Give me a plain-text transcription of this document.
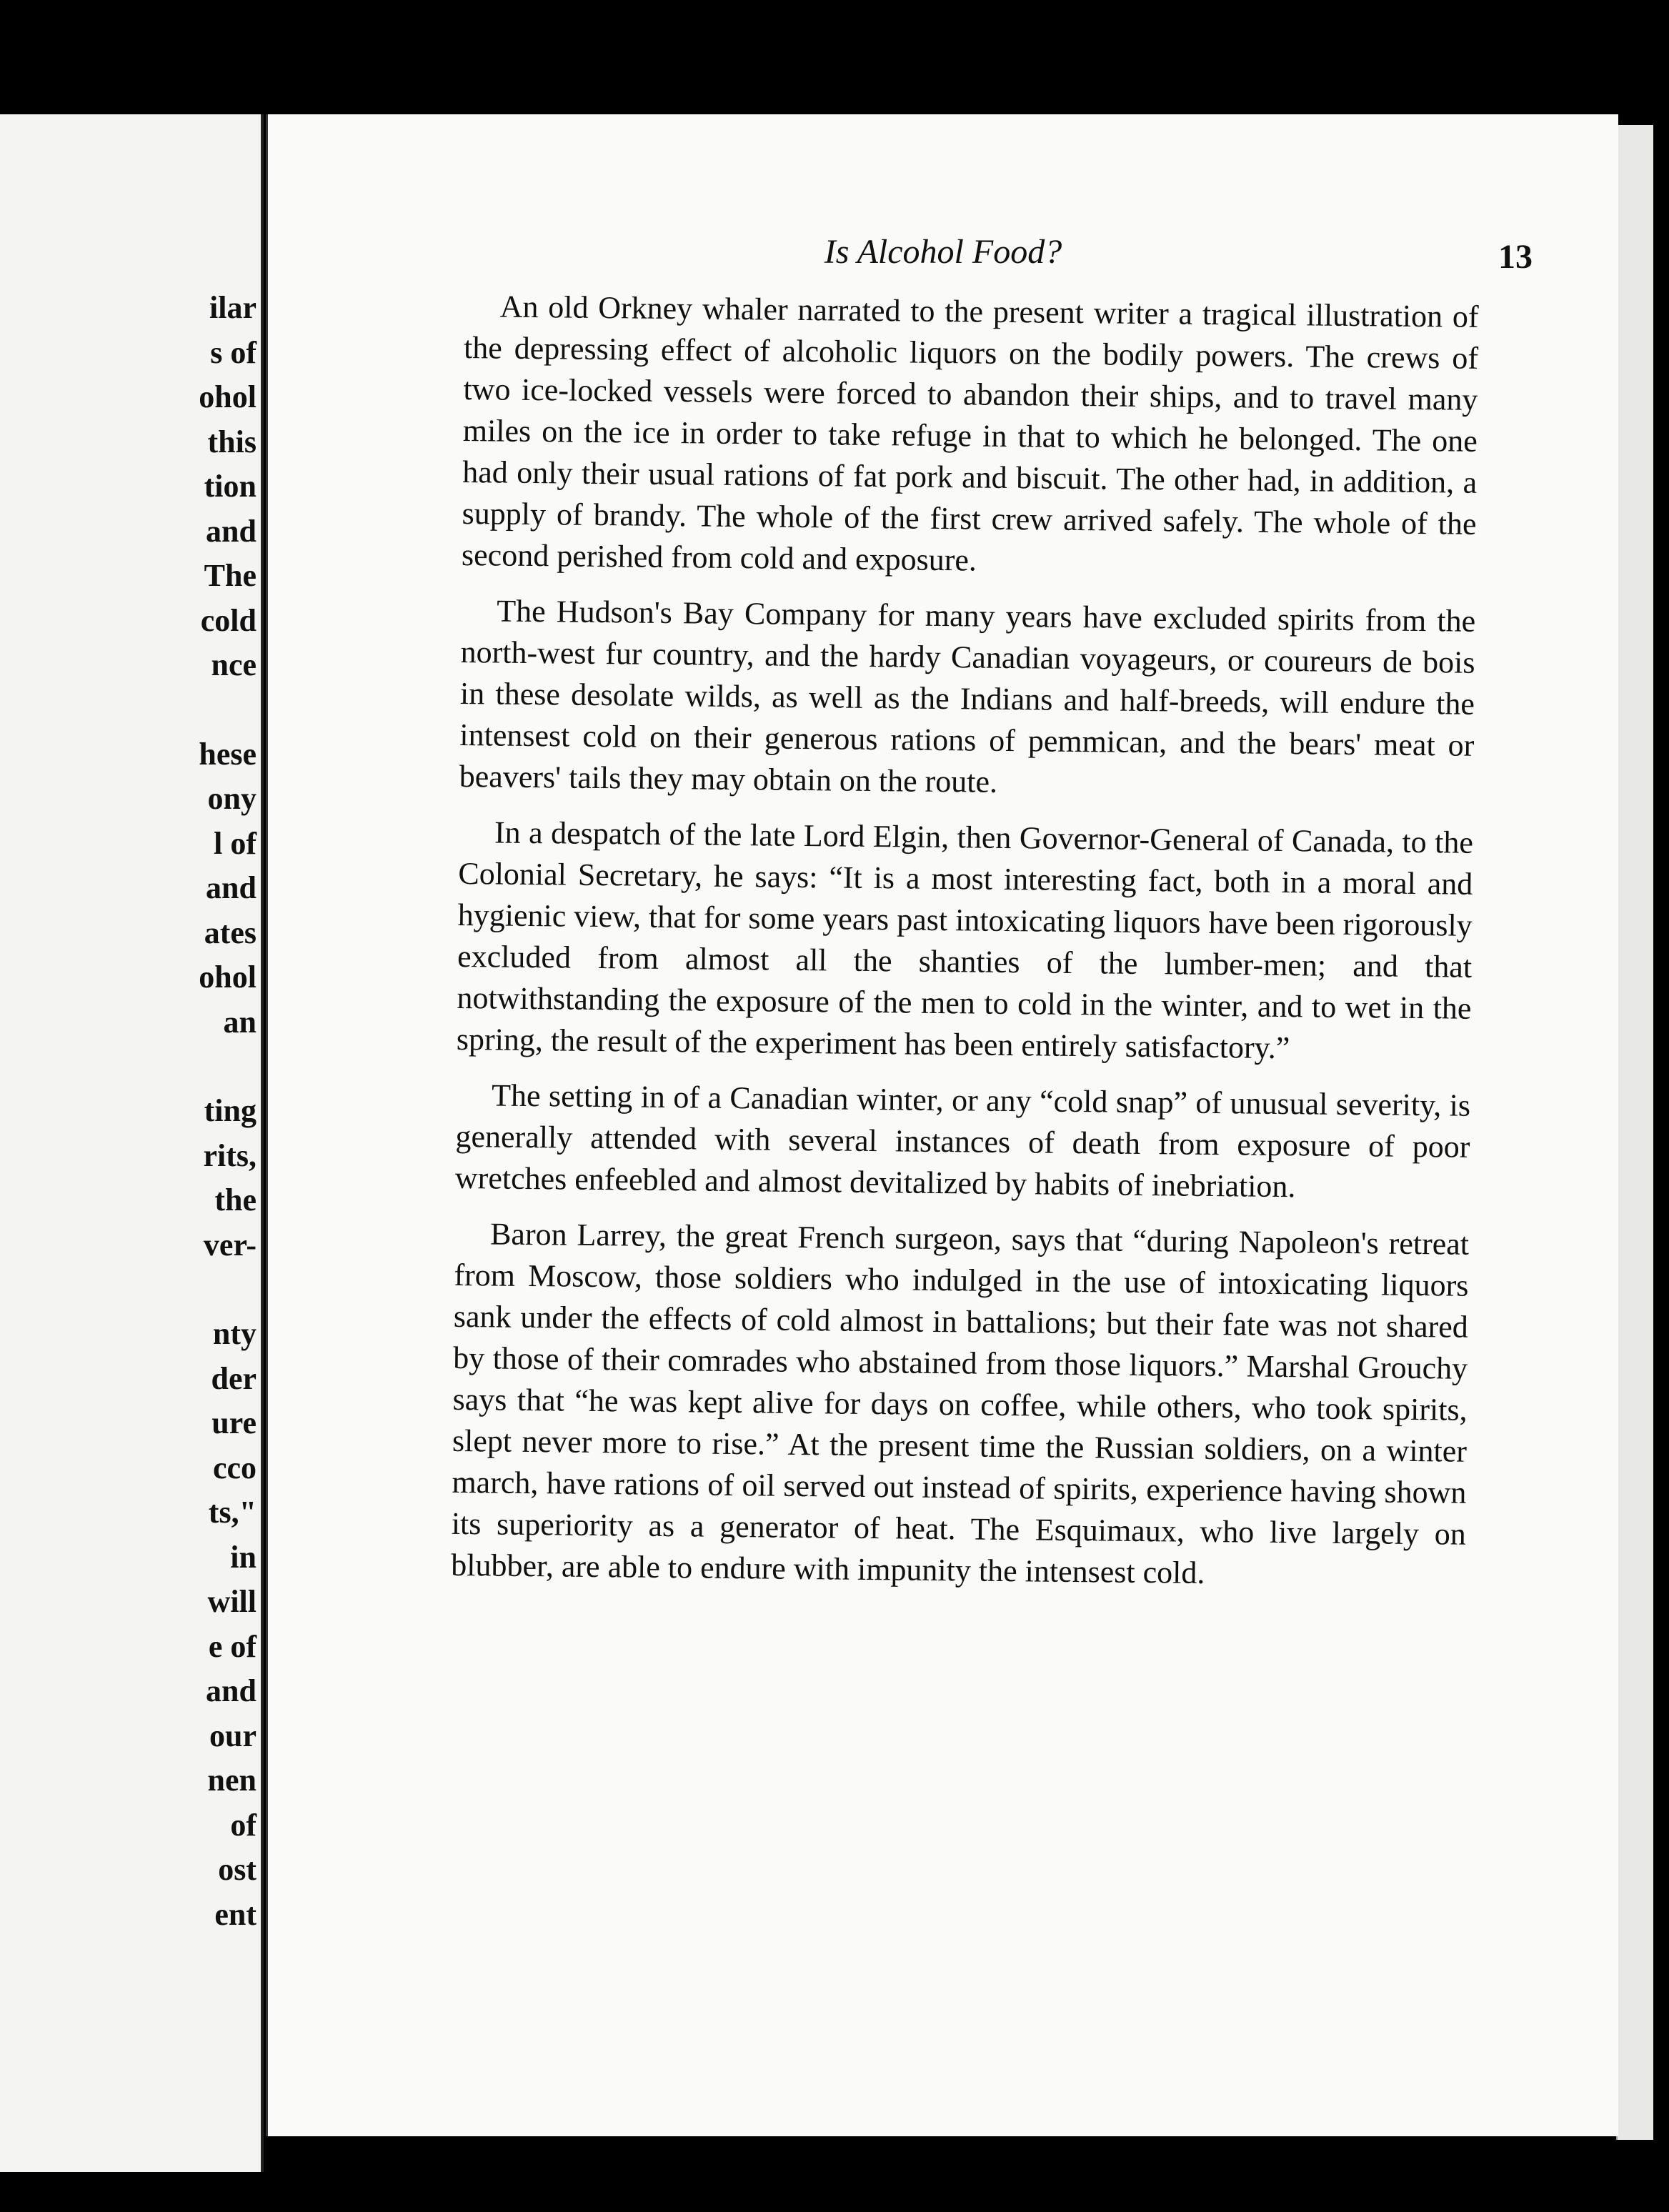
ilar
s of
ohol
this
tion
and
The
cold
nce
hese
ony
l of
and
ates
ohol
an
ting
rits,
the
ver-
nty
der
ure
cco
ts,"
in
will
e of
and
our
nen
of
ost
ent
Is Alcohol Food?	13

An old Orkney whaler narrated to the present writer a tragical illustration of the depressing effect of alcoholic liquors on the bodily powers. The crews of two ice-locked vessels were forced to abandon their ships, and to travel many miles on the ice in order to take refuge in that to which he belonged. The one had only their usual rations of fat pork and biscuit. The other had, in addition, a supply of brandy. The whole of the first crew arrived safely. The whole of the second perished from cold and exposure.

The Hudson's Bay Company for many years have excluded spirits from the north-west fur country, and the hardy Canadian voyageurs, or coureurs de bois in these desolate wilds, as well as the Indians and half-breeds, will endure the intensest cold on their generous rations of pemmican, and the bears' meat or beavers' tails they may obtain on the route.

In a despatch of the late Lord Elgin, then Governor-General of Canada, to the Colonial Secretary, he says: “It is a most interesting fact, both in a moral and hygienic view, that for some years past intoxicating liquors have been rigorously excluded from almost all the shanties of the lumber-men; and that notwithstanding the exposure of the men to cold in the winter, and to wet in the spring, the result of the experiment has been entirely satisfactory.”

The setting in of a Canadian winter, or any “cold snap” of unusual severity, is generally attended with several instances of death from exposure of poor wretches enfeebled and almost devitalized by habits of inebriation.

Baron Larrey, the great French surgeon, says that “during Napoleon's retreat from Moscow, those soldiers who indulged in the use of intoxicating liquors sank under the effects of cold almost in battalions; but their fate was not shared by those of their comrades who abstained from those liquors.” Marshal Grouchy says that “he was kept alive for days on coffee, while others, who took spirits, slept never more to rise.” At the present time the Russian soldiers, on a winter march, have rations of oil served out instead of spirits, experience having shown its superiority as a generator of heat. The Esquimaux, who live largely on blubber, are able to endure with impunity the intensest cold.
